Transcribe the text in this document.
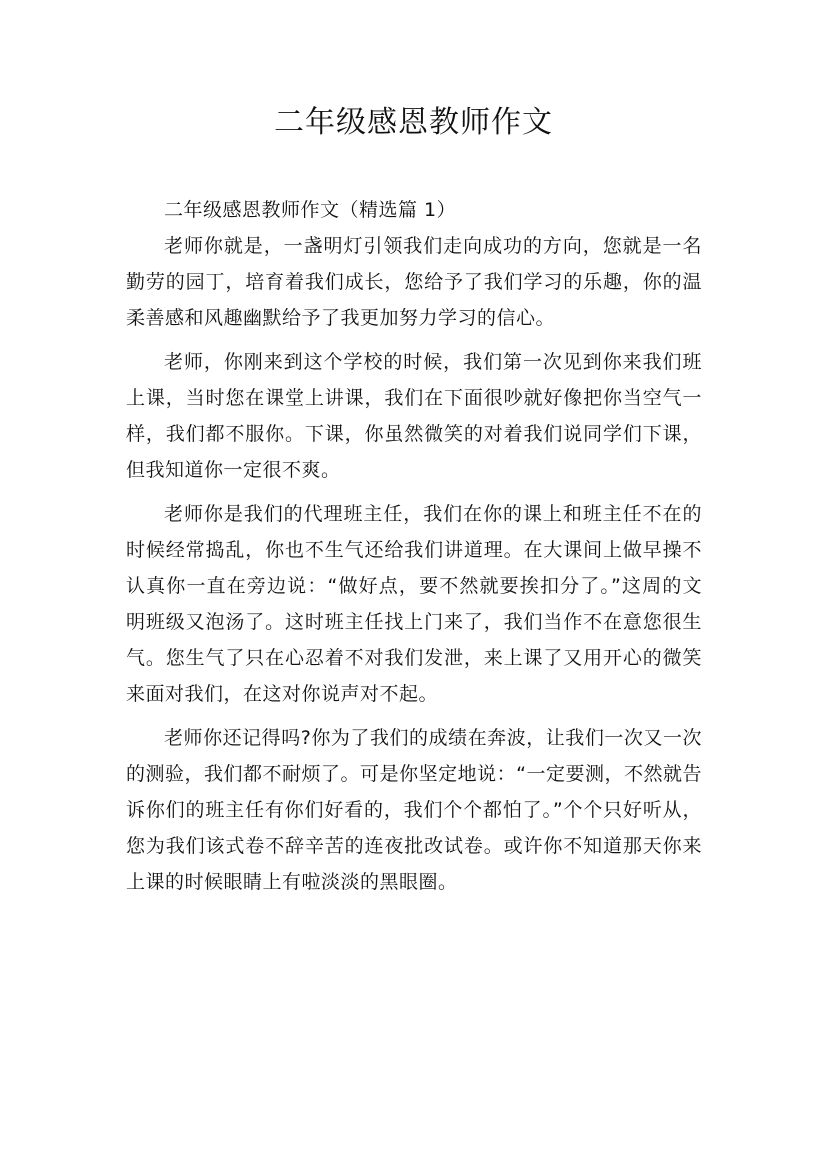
二年级感恩教师作文

二年级感恩教师作文（精选篇 1）

老师你就是，一盏明灯引领我们走向成功的方向，您就是一名勤劳的园丁，培育着我们成长，您给予了我们学习的乐趣，你的温柔善感和风趣幽默给予了我更加努力学习的信心。

老师，你刚来到这个学校的时候，我们第一次见到你来我们班上课，当时您在课堂上讲课，我们在下面很吵就好像把你当空气一样，我们都不服你。下课，你虽然微笑的对着我们说同学们下课，但我知道你一定很不爽。

老师你是我们的代理班主任，我们在你的课上和班主任不在的时候经常捣乱，你也不生气还给我们讲道理。在大课间上做早操不认真你一直在旁边说：“做好点，要不然就要挨扣分了。”这周的文明班级又泡汤了。这时班主任找上门来了，我们当作不在意您很生气。您生气了只在心忍着不对我们发泄，来上课了又用开心的微笑来面对我们，在这对你说声对不起。

老师你还记得吗?你为了我们的成绩在奔波，让我们一次又一次的测验，我们都不耐烦了。可是你坚定地说：“一定要测，不然就告诉你们的班主任有你们好看的，我们个个都怕了。”个个只好听从，您为我们该式卷不辞辛苦的连夜批改试卷。或许你不知道那天你来上课的时候眼睛上有啦淡淡的黑眼圈。
